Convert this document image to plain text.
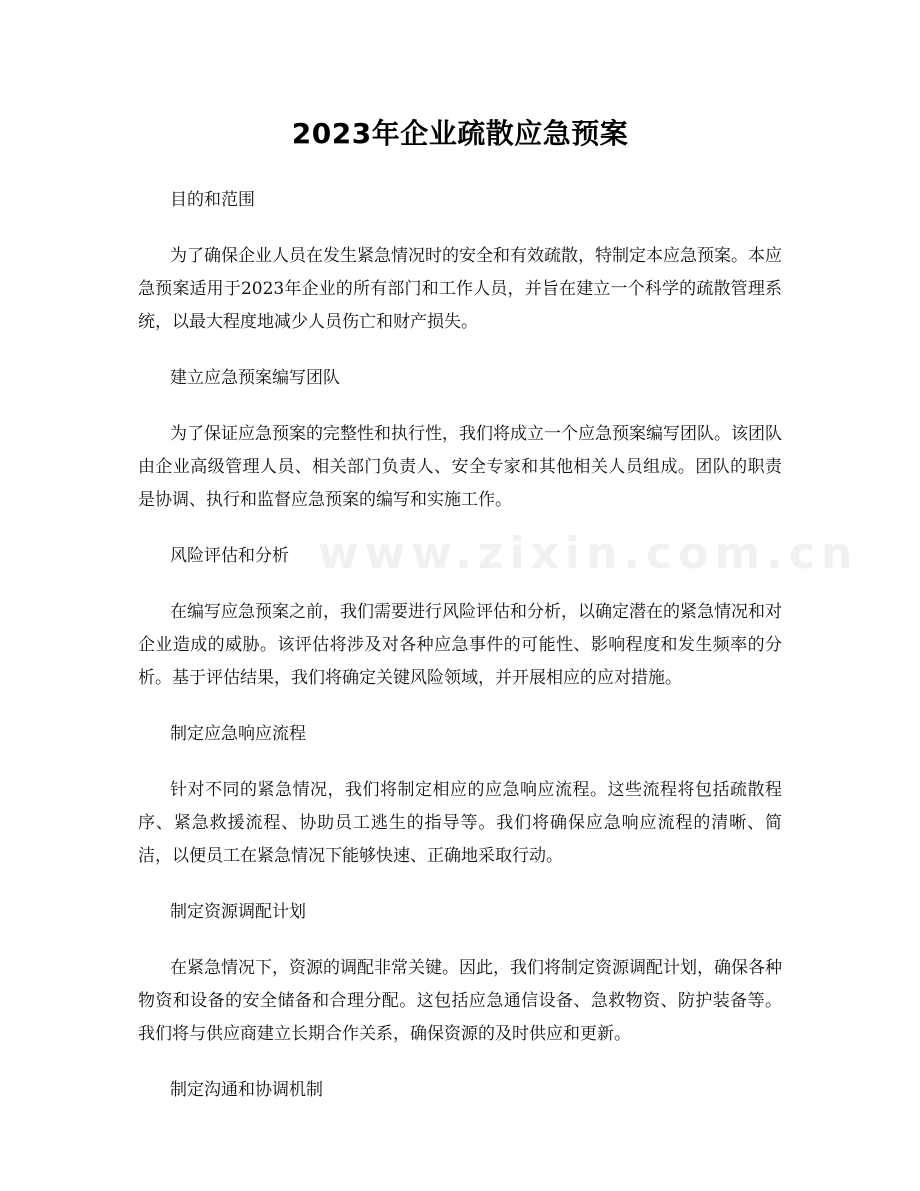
2023年企业疏散应急预案

目的和范围

为了确保企业人员在发生紧急情况时的安全和有效疏散，特制定本应急预案。本应急预案适用于2023年企业的所有部门和工作人员，并旨在建立一个科学的疏散管理系统，以最大程度地减少人员伤亡和财产损失。

建立应急预案编写团队

为了保证应急预案的完整性和执行性，我们将成立一个应急预案编写团队。该团队由企业高级管理人员、相关部门负责人、安全专家和其他相关人员组成。团队的职责是协调、执行和监督应急预案的编写和实施工作。

风险评估和分析

在编写应急预案之前，我们需要进行风险评估和分析，以确定潜在的紧急情况和对企业造成的威胁。该评估将涉及对各种应急事件的可能性、影响程度和发生频率的分析。基于评估结果，我们将确定关键风险领域，并开展相应的应对措施。

制定应急响应流程

针对不同的紧急情况，我们将制定相应的应急响应流程。这些流程将包括疏散程序、紧急救援流程、协助员工逃生的指导等。我们将确保应急响应流程的清晰、简洁，以便员工在紧急情况下能够快速、正确地采取行动。

制定资源调配计划

在紧急情况下，资源的调配非常关键。因此，我们将制定资源调配计划，确保各种物资和设备的安全储备和合理分配。这包括应急通信设备、急救物资、防护装备等。我们将与供应商建立长期合作关系，确保资源的及时供应和更新。

制定沟通和协调机制

www.zixin.com.cn
